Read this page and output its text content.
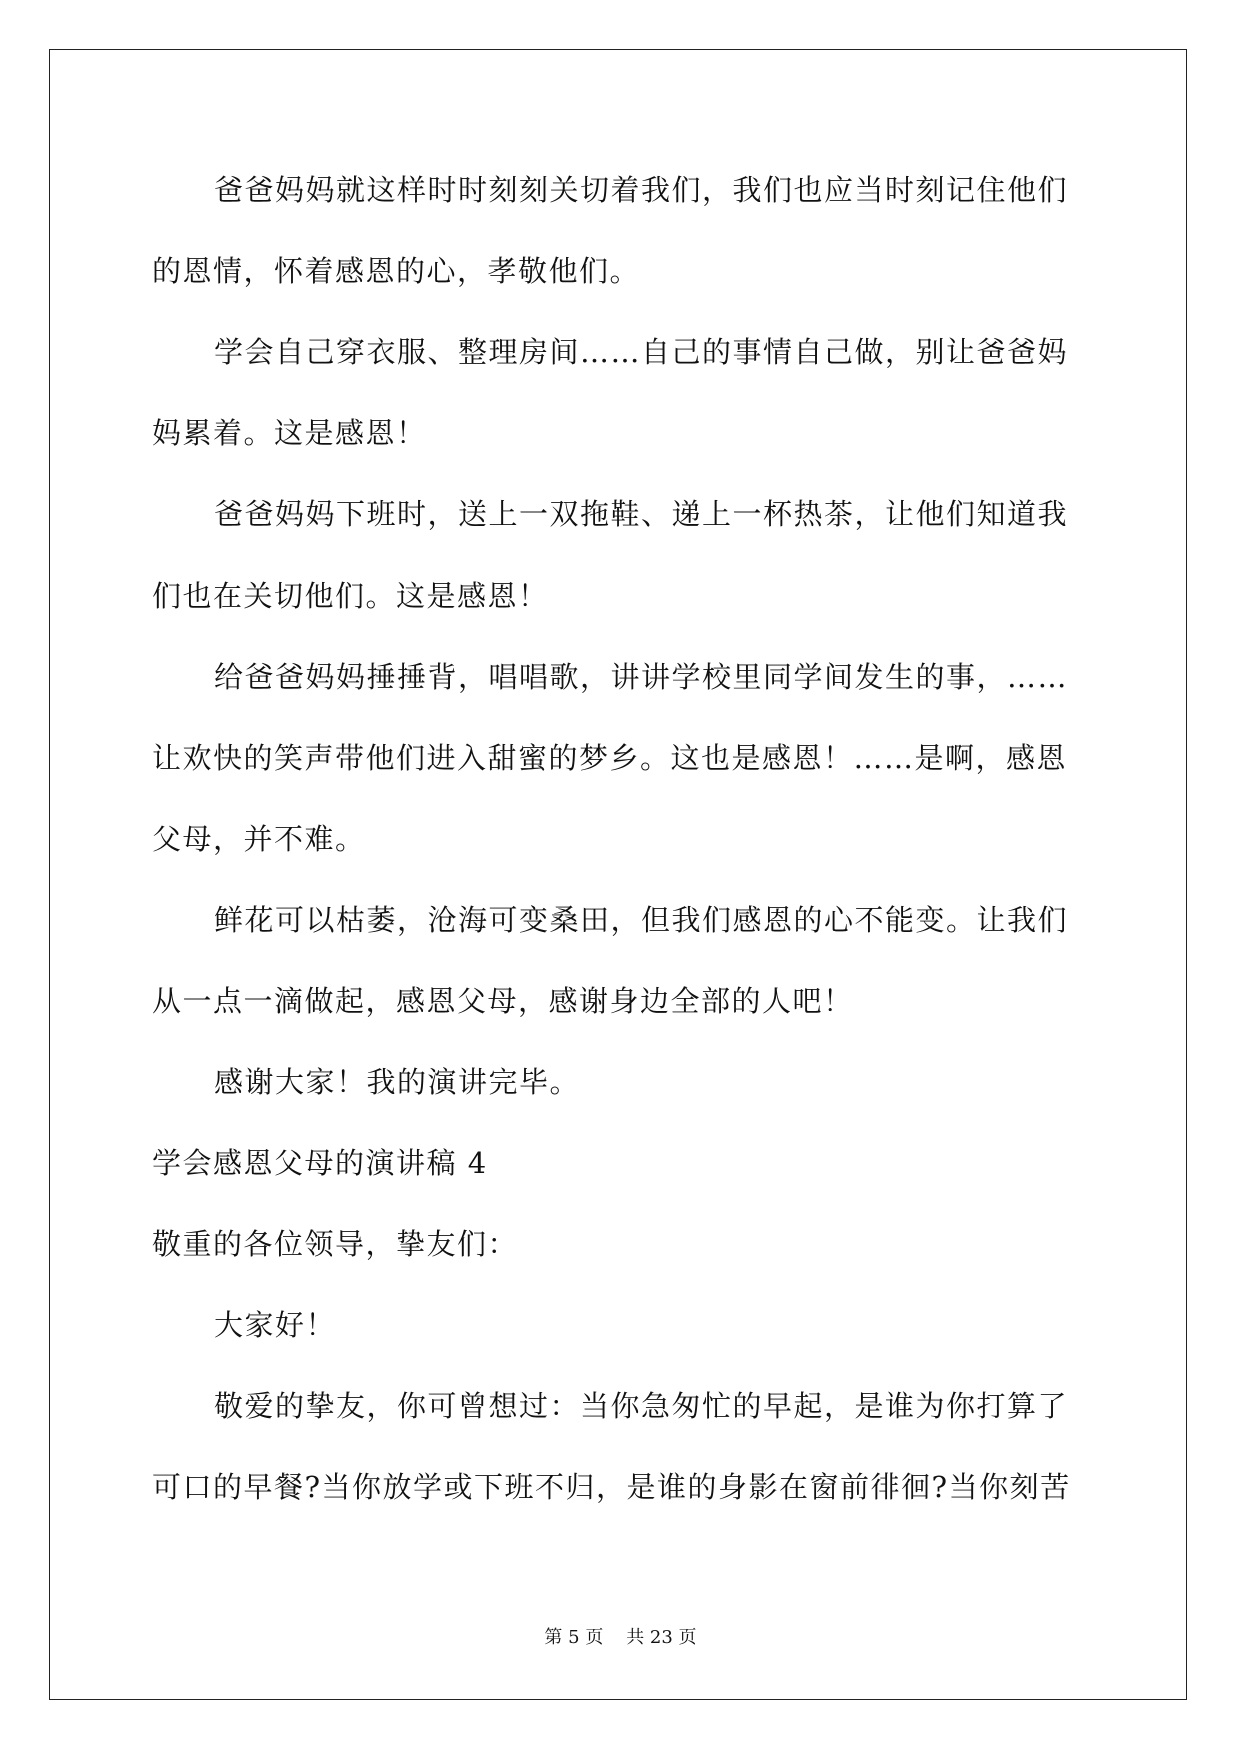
爸爸妈妈就这样时时刻刻关切着我们，我们也应当时刻记住他们

的恩情，怀着感恩的心，孝敬他们。

学会自己穿衣服、整理房间……自己的事情自己做，别让爸爸妈

妈累着。这是感恩！

爸爸妈妈下班时，送上一双拖鞋、递上一杯热茶，让他们知道我

们也在关切他们。这是感恩！

给爸爸妈妈捶捶背，唱唱歌，讲讲学校里同学间发生的事，……

让欢快的笑声带他们进入甜蜜的梦乡。这也是感恩！……是啊，感恩

父母，并不难。

鲜花可以枯萎，沧海可变桑田，但我们感恩的心不能变。让我们

从一点一滴做起，感恩父母，感谢身边全部的人吧！

感谢大家！我的演讲完毕。

学会感恩父母的演讲稿 4

敬重的各位领导，挚友们：

大家好！

敬爱的挚友，你可曾想过：当你急匆忙的早起，是谁为你打算了

可口的早餐?当你放学或下班不归，是谁的身影在窗前徘徊?当你刻苦

第 5 页    共 23 页
